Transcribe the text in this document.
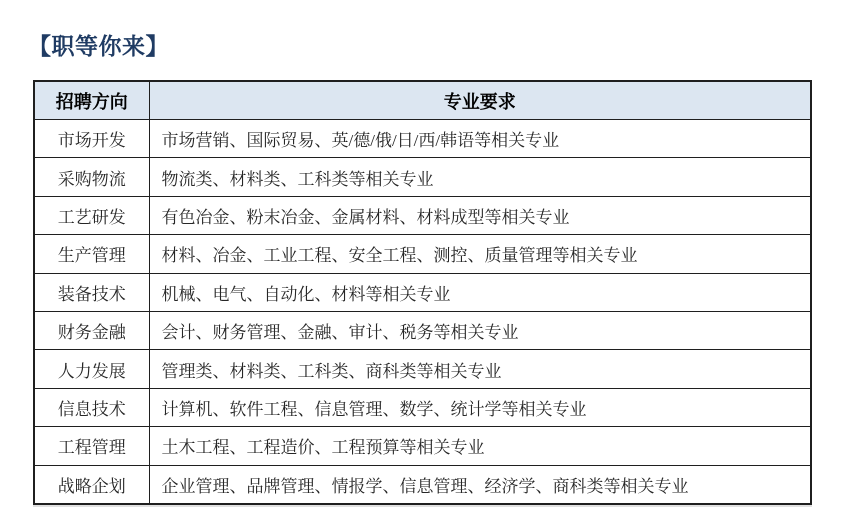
【职等你来】
招聘方向	专业要求
市场开发	市场营销、国际贸易、英/德/俄/日/西/韩语等相关专业
采购物流	物流类、材料类、工科类等相关专业
工艺研发	有色冶金、粉末冶金、金属材料、材料成型等相关专业
生产管理	材料、冶金、工业工程、安全工程、测控、质量管理等相关专业
装备技术	机械、电气、自动化、材料等相关专业
财务金融	会计、财务管理、金融、审计、税务等相关专业
人力发展	管理类、材料类、工科类、商科类等相关专业
信息技术	计算机、软件工程、信息管理、数学、统计学等相关专业
工程管理	土木工程、工程造价、工程预算等相关专业
战略企划	企业管理、品牌管理、情报学、信息管理、经济学、商科类等相关专业
